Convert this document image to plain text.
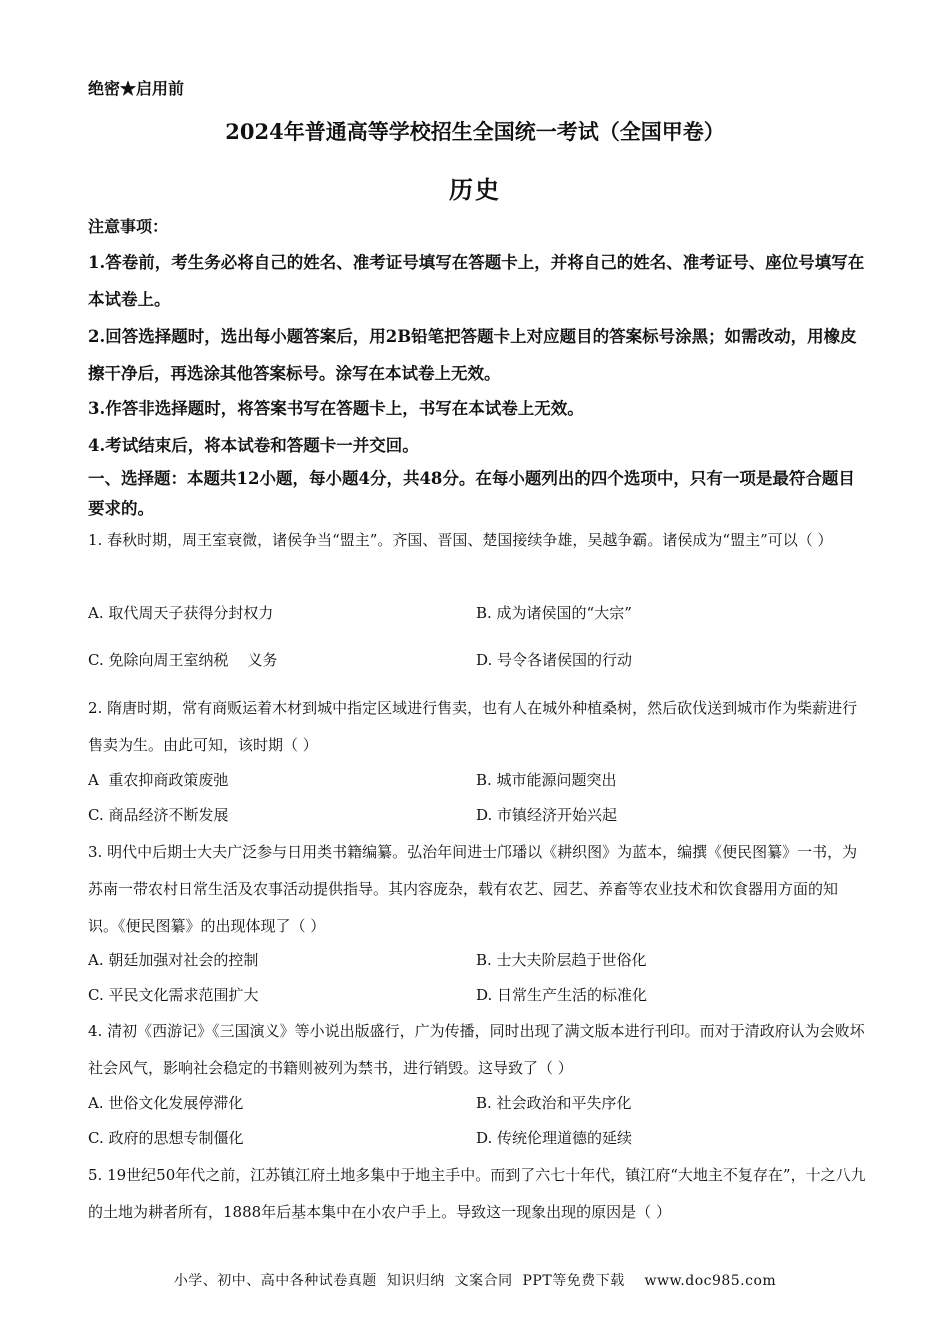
绝密★启用前
2024年普通高等学校招生全国统一考试（全国甲卷）
历史
注意事项：
1.答卷前，考生务必将自己的姓名、准考证号填写在答题卡上，并将自己的姓名、准考证号、座位号填写在本试卷上。
2.回答选择题时，选出每小题答案后，用2B铅笔把答题卡上对应题目的答案标号涂黑；如需改动，用橡皮擦干净后，再选涂其他答案标号。涂写在本试卷上无效。
3.作答非选择题时，将答案书写在答题卡上，书写在本试卷上无效。
4.考试结束后，将本试卷和答题卡一并交回。
一、选择题：本题共12小题，每小题4分，共48分。在每小题列出的四个选项中，只有一项是最符合题目要求的。
1. 春秋时期，周王室衰微，诸侯争当“盟主”。齐国、晋国、楚国接续争雄，吴越争霸。诸侯成为“盟主”可以（ ）
A. 取代周天子获得分封权力	B. 成为诸侯国的“大宗”
C. 免除向周王室纳税    义务	D. 号令各诸侯国的行动
2. 隋唐时期，常有商贩运着木材到城中指定区域进行售卖，也有人在城外种植桑树，然后砍伐送到城市作为柴薪进行售卖为生。由此可知，该时期（ ）
A  重农抑商政策废弛	B. 城市能源问题突出
C. 商品经济不断发展	D. 市镇经济开始兴起
3. 明代中后期士大夫广泛参与日用类书籍编纂。弘治年间进士邝璠以《耕织图》为蓝本，编撰《便民图纂》一书，为苏南一带农村日常生活及农事活动提供指导。其内容庞杂，载有农艺、园艺、养畜等农业技术和饮食器用方面的知识。《便民图纂》的出现体现了（ ）
A. 朝廷加强对社会的控制	B. 士大夫阶层趋于世俗化
C. 平民文化需求范围扩大	D. 日常生产生活的标准化
4. 清初《西游记》《三国演义》等小说出版盛行，广为传播，同时出现了满文版本进行刊印。而对于清政府认为会败坏社会风气，影响社会稳定的书籍则被列为禁书，进行销毁。这导致了（ ）
A. 世俗文化发展停滞化	B. 社会政治和平失序化
C. 政府的思想专制僵化	D. 传统伦理道德的延续
5. 19世纪50年代之前，江苏镇江府土地多集中于地主手中。而到了六七十年代，镇江府“大地主不复存在”，十之八九的土地为耕者所有，1888年后基本集中在小农户手上。导致这一现象出现的原因是（ ）
小学、初中、高中各种试卷真题  知识归纳  文案合同  PPT等免费下载    www.doc985.com
